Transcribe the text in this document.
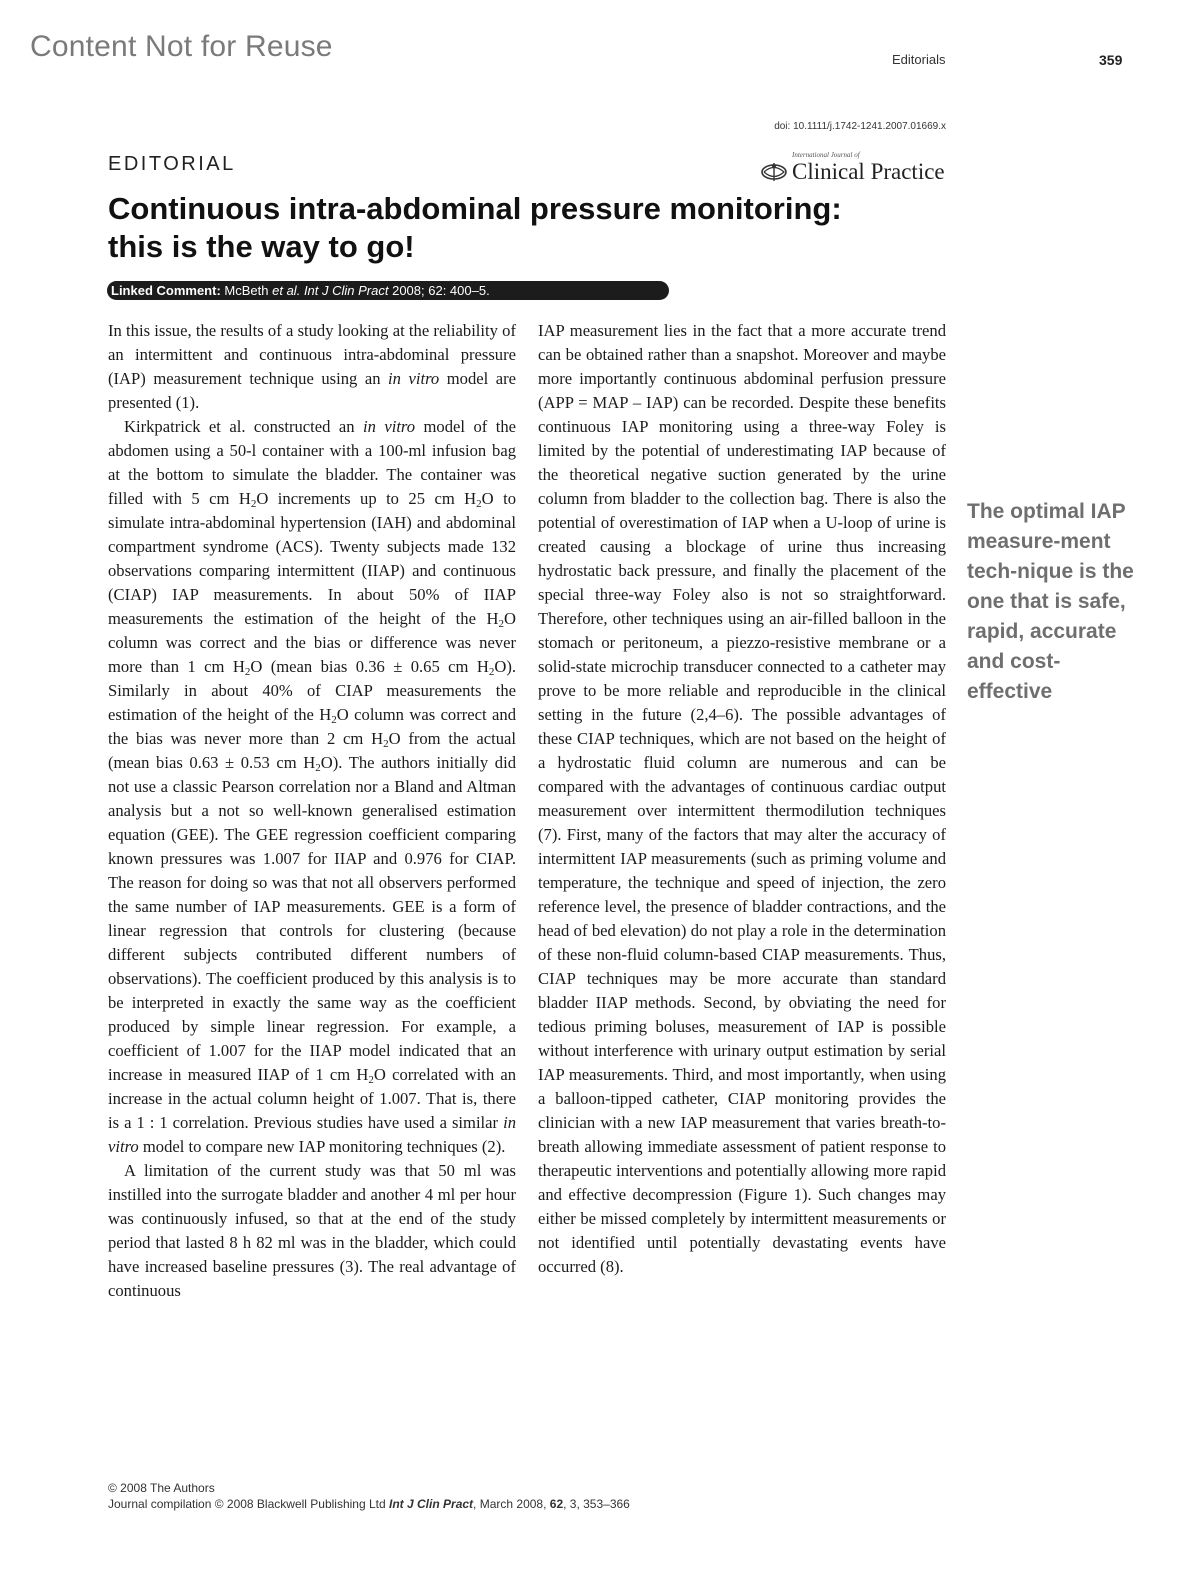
Content Not for Reuse	Editorials	359
doi: 10.1111/j.1742-1241.2007.01669.x
EDITORIAL	International Journal of
Clinical Practice
Continuous intra-abdominal pressure monitoring:
this is the way to go!
Linked Comment: McBeth et al. Int J Clin Pract 2008; 62: 400–5.

In this issue, the results of a study looking at the reliability of an intermittent and continuous intra-abdominal pressure (IAP) measurement technique using an in vitro model are presented (1).

Kirkpatrick et al. constructed an in vitro model of the abdomen using a 50-l container with a 100-ml infusion bag at the bottom to simulate the bladder. The container was filled with 5 cm $H_2O$ increments up to 25 cm $H_2O$ to simulate intra-abdominal hypertension (IAH) and abdominal compartment syndrome (ACS). Twenty subjects made 132 observations comparing intermittent (IIAP) and continuous (CIAP) IAP measurements. In about 50% of IIAP measurements the estimation of the height of the $H_2O$ column was correct and the bias or difference was never more than 1 cm $H_2O$ (mean bias 0.36 ± 0.65 cm $H_2O$). Similarly in about 40% of CIAP measurements the estimation of the height of the $H_2O$ column was correct and the bias was never more than 2 cm $H_2O$ from the actual (mean bias 0.63 ± 0.53 cm $H_2O$). The authors initially did not use a classic Pearson correlation nor a Bland and Altman analysis but a not so well-known generalised estimation equation (GEE). The GEE regression coefficient comparing known pressures was 1.007 for IIAP and 0.976 for CIAP. The reason for doing so was that not all observers performed the same number of IAP measurements. GEE is a form of linear regression that controls for clustering (because different subjects contributed different numbers of observations). The coefficient produced by this analysis is to be interpreted in exactly the same way as the coefficient produced by simple linear regression. For example, a coefficient of 1.007 for the IIAP model indicated that an increase in measured IIAP of 1 cm $H_2O$ correlated with an increase in the actual column height of 1.007. That is, there is a 1 : 1 correlation. Previous studies have used a similar in vitro model to compare new IAP monitoring techniques (2).

A limitation of the current study was that 50 ml was instilled into the surrogate bladder and another 4 ml per hour was continuously infused, so that at the end of the study period that lasted 8 h 82 ml was in the bladder, which could have increased baseline pressures (3). The real advantage of continuous

IAP measurement lies in the fact that a more accurate trend can be obtained rather than a snapshot. Moreover and maybe more importantly continuous abdominal perfusion pressure (APP = MAP – IAP) can be recorded. Despite these benefits continuous IAP monitoring using a three-way Foley is limited by the potential of underestimating IAP because of the theoretical negative suction generated by the urine column from bladder to the collection bag. There is also the potential of overestimation of IAP when a U-loop of urine is created causing a blockage of urine thus increasing hydrostatic back pressure, and finally the placement of the special three-way Foley also is not so straightforward. Therefore, other techniques using an air-filled balloon in the stomach or peritoneum, a piezzo-resistive membrane or a solid-state microchip transducer connected to a catheter may prove to be more reliable and reproducible in the clinical setting in the future (2,4–6). The possible advantages of these CIAP techniques, which are not based on the height of a hydrostatic fluid column are numerous and can be compared with the advantages of continuous cardiac output measurement over intermittent thermodilution techniques (7). First, many of the factors that may alter the accuracy of intermittent IAP measurements (such as priming volume and temperature, the technique and speed of injection, the zero reference level, the presence of bladder contractions, and the head of bed elevation) do not play a role in the determination of these non-fluid column-based CIAP measurements. Thus, CIAP techniques may be more accurate than standard bladder IIAP methods. Second, by obviating the need for tedious priming boluses, measurement of IAP is possible without interference with urinary output estimation by serial IAP measurements. Third, and most importantly, when using a balloon-tipped catheter, CIAP monitoring provides the clinician with a new IAP measurement that varies breath-to-breath allowing immediate assessment of patient response to therapeutic interventions and potentially allowing more rapid and effective decompression (Figure 1). Such changes may either be missed completely by intermittent measurements or not identified until potentially devastating events have occurred (8).

The optimal IAP measure-ment tech-nique is the one that is safe, rapid, accurate and cost-effective
© 2008 The Authors
Journal compilation © 2008 Blackwell Publishing Ltd Int J Clin Pract, March 2008, 62, 3, 353–366
